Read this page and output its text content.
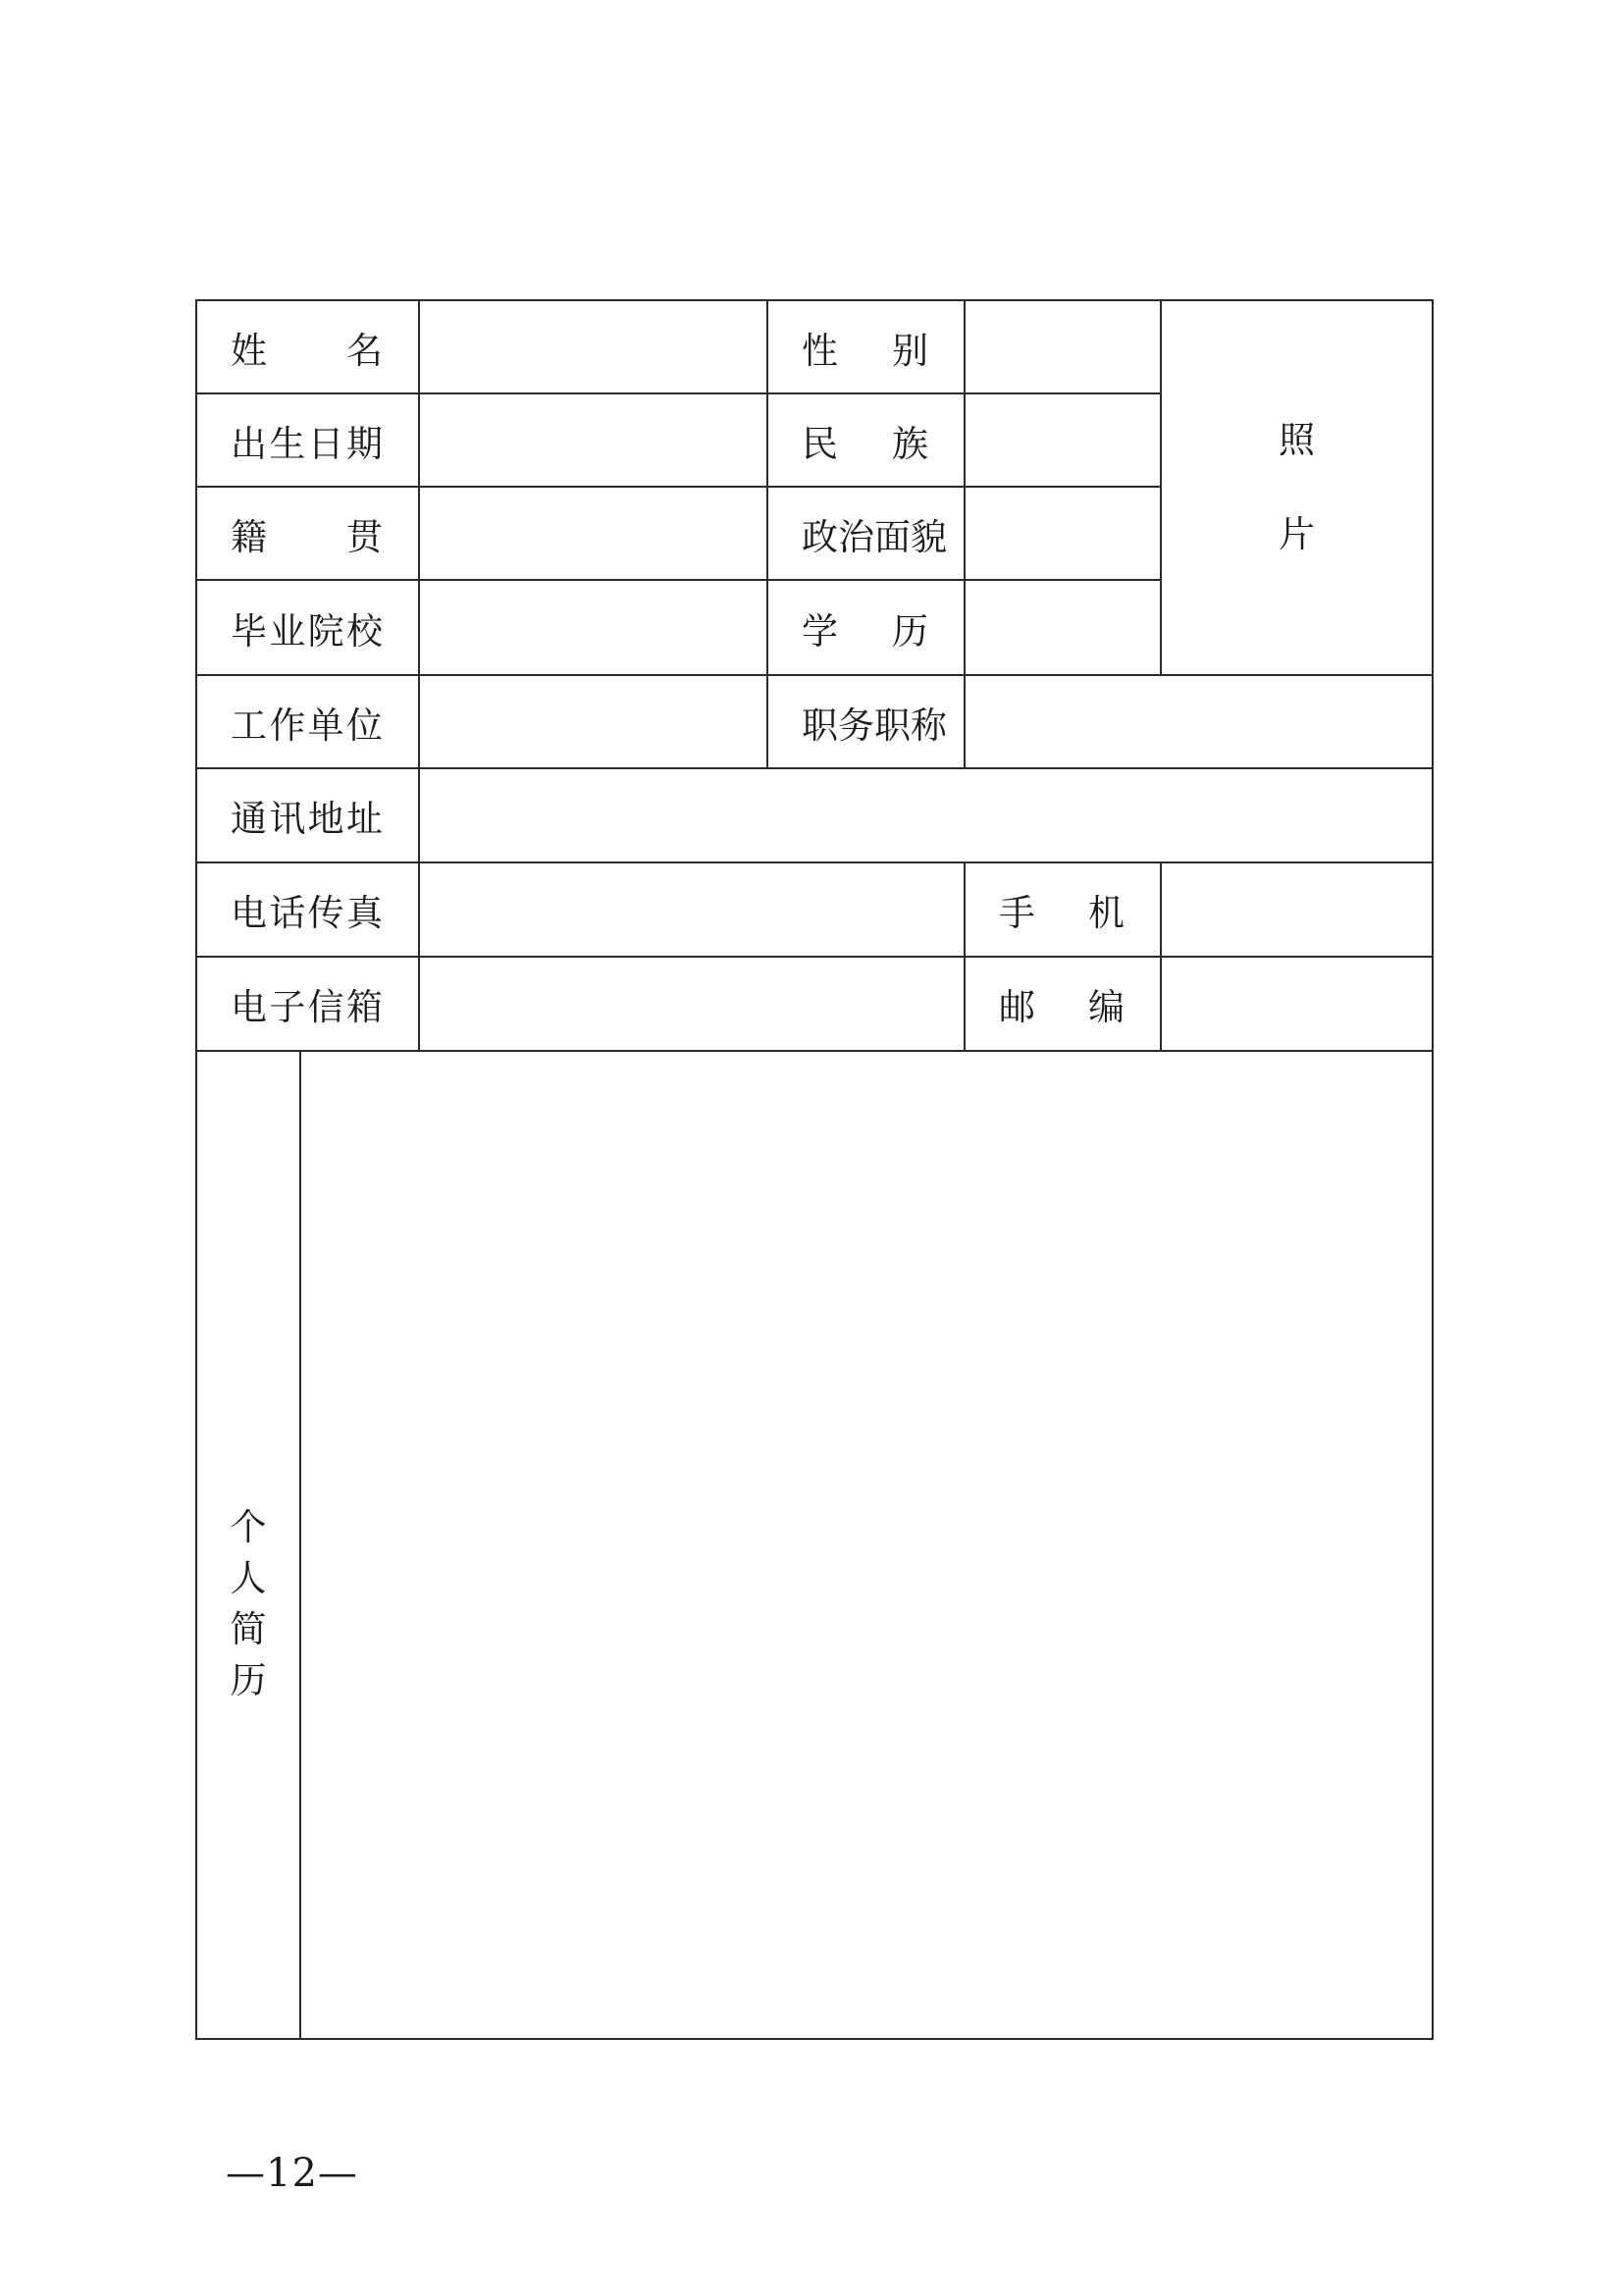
姓　名			性　别		照片
出生日期			民　族		
籍　贯			政治面貌		
毕业院校			学　历		
工作单位			职务职称		
通讯地址					
电话传真				手　机	
电子信箱				邮　编	
个人简历					
—12—
